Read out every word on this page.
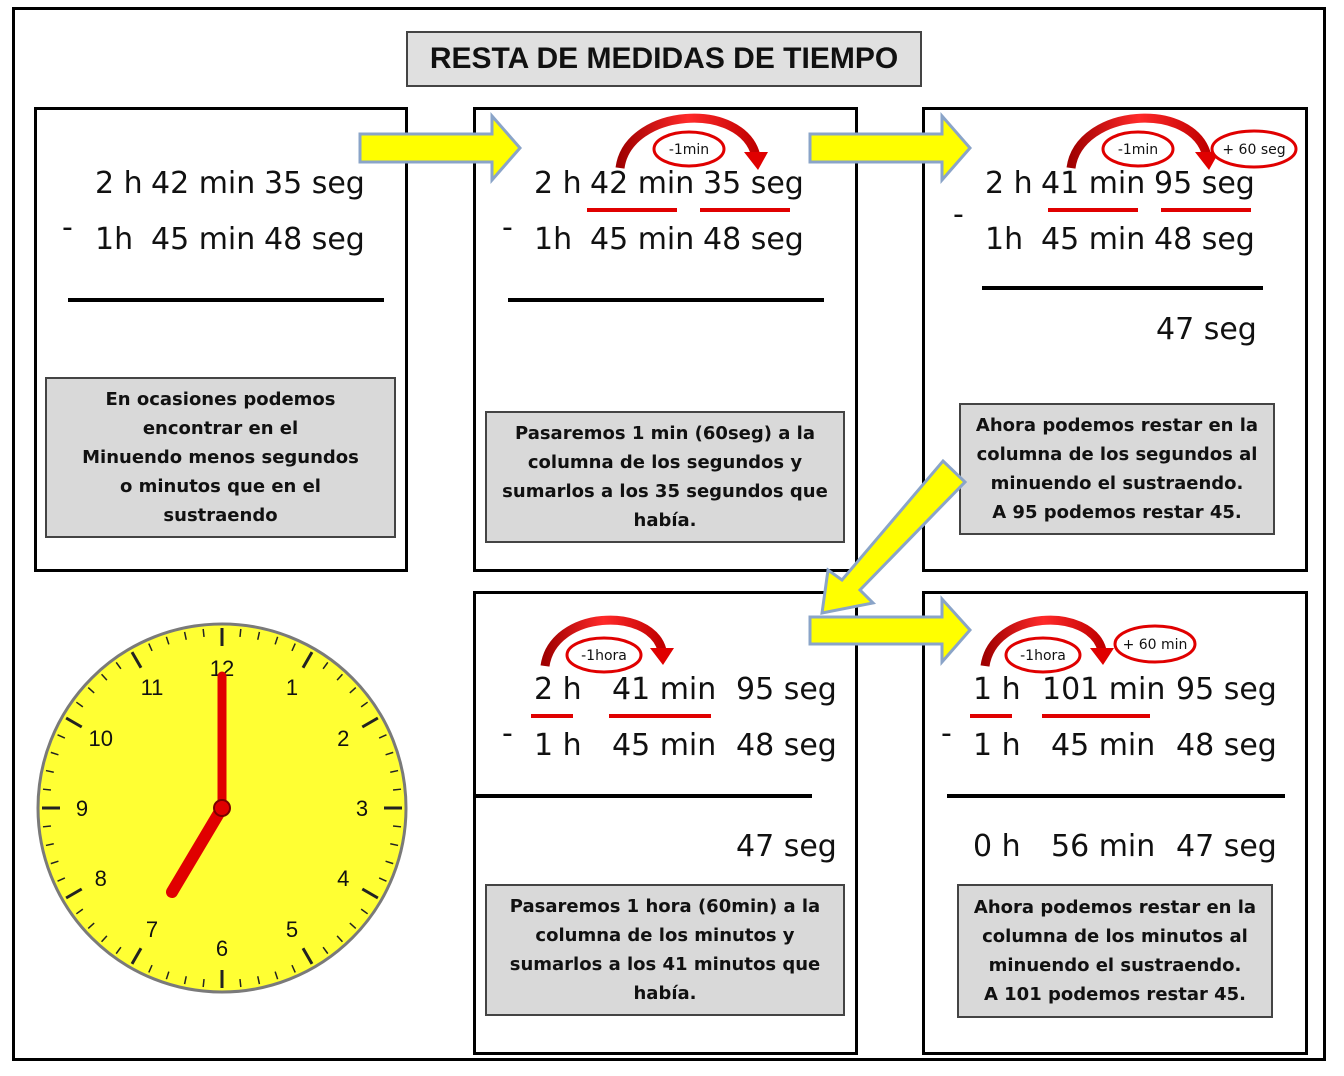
RESTA DE MEDIDAS DE TIEMPO
2 h 42 min 35 seg
- 1h 45 min 48 seg
En ocasiones podemos
encontrar en el
Minuendo menos segundos
o minutos que en el
sustraendo
2 h 42 min 35 seg
- 1h 45 min 48 seg
Pasaremos 1 min (60seg) a la
columna de los segundos y
sumarlos a los 35 segundos que
había.
2 h 41 min 95 seg
-
1h 45 min 48 seg
47 seg
Ahora podemos restar en la
columna de los segundos al
minuendo el sustraendo.
A 95 podemos restar 45.
2 h 41 min 95 seg
- 1 h 45 min 48 seg
47 seg
Pasaremos 1 hora (60min) a la
columna de los minutos y
sumarlos a los 41 minutos que
había.
1 h 101 min 95 seg
- 1 h 45 min 48 seg
0 h 56 min 47 seg
Ahora podemos restar en la
columna de los minutos al
minuendo el sustraendo.
A 101 podemos restar 45.
-1min	-1min	+ 60 seg
-1hora	-1hora
+ 60 min
12
1
2
3
4
5
6
7
8
9
10
11
